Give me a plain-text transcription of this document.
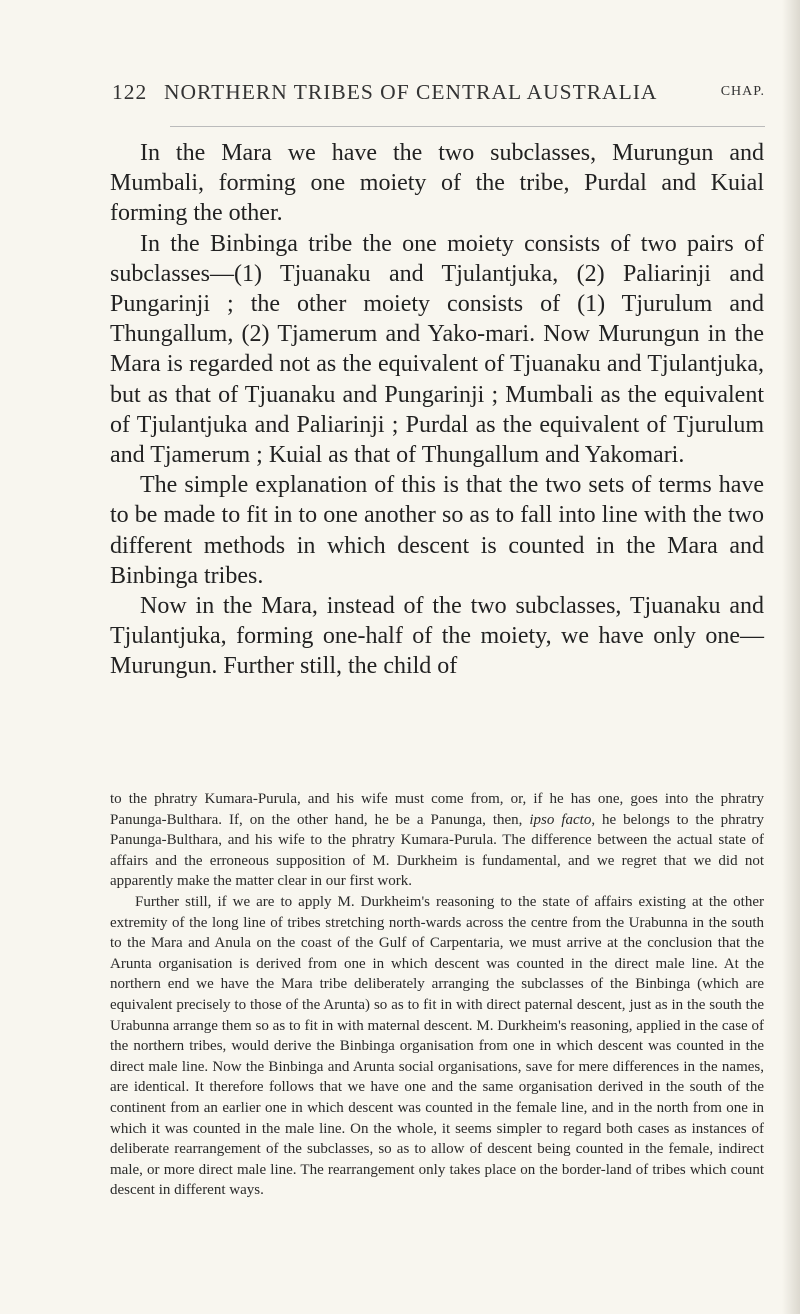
122 NORTHERN TRIBES OF CENTRAL AUSTRALIA	CHAP.

In the Mara we have the two subclasses, Murungun and Mumbali, forming one moiety of the tribe, Purdal and Kuial forming the other.

In the Binbinga tribe the one moiety consists of two pairs of subclasses—(1) Tjuanaku and Tjulantjuka, (2) Paliarinji and Pungarinji ; the other moiety consists of (1) Tjurulum and Thungallum, (2) Tjamerum and Yako-mari. Now Murungun in the Mara is regarded not as the equivalent of Tjuanaku and Tjulantjuka, but as that of Tjuanaku and Pungarinji ; Mumbali as the equivalent of Tjulantjuka and Paliarinji ; Purdal as the equivalent of Tjurulum and Tjamerum ; Kuial as that of Thungallum and Yakomari.

The simple explanation of this is that the two sets of terms have to be made to fit in to one another so as to fall into line with the two different methods in which descent is counted in the Mara and Binbinga tribes.

Now in the Mara, instead of the two subclasses, Tjuanaku and Tjulantjuka, forming one-half of the moiety, we have only one—Murungun. Further still, the child of

to the phratry Kumara-Purula, and his wife must come from, or, if he has one, goes into the phratry Panunga-Bulthara. If, on the other hand, he be a Panunga, then, ipso facto, he belongs to the phratry Panunga-Bulthara, and his wife to the phratry Kumara-Purula. The difference between the actual state of affairs and the erroneous supposition of M. Durkheim is fundamental, and we regret that we did not apparently make the matter clear in our first work.

Further still, if we are to apply M. Durkheim's reasoning to the state of affairs existing at the other extremity of the long line of tribes stretching north-wards across the centre from the Urabunna in the south to the Mara and Anula on the coast of the Gulf of Carpentaria, we must arrive at the conclusion that the Arunta organisation is derived from one in which descent was counted in the direct male line. At the northern end we have the Mara tribe deliberately arranging the subclasses of the Binbinga (which are equivalent precisely to those of the Arunta) so as to fit in with direct paternal descent, just as in the south the Urabunna arrange them so as to fit in with maternal descent. M. Durkheim's reasoning, applied in the case of the northern tribes, would derive the Binbinga organisation from one in which descent was counted in the direct male line. Now the Binbinga and Arunta social organisations, save for mere differences in the names, are identical. It therefore follows that we have one and the same organisation derived in the south of the continent from an earlier one in which descent was counted in the female line, and in the north from one in which it was counted in the male line. On the whole, it seems simpler to regard both cases as instances of deliberate rearrangement of the subclasses, so as to allow of descent being counted in the female, indirect male, or more direct male line. The rearrangement only takes place on the border-land of tribes which count descent in different ways.
